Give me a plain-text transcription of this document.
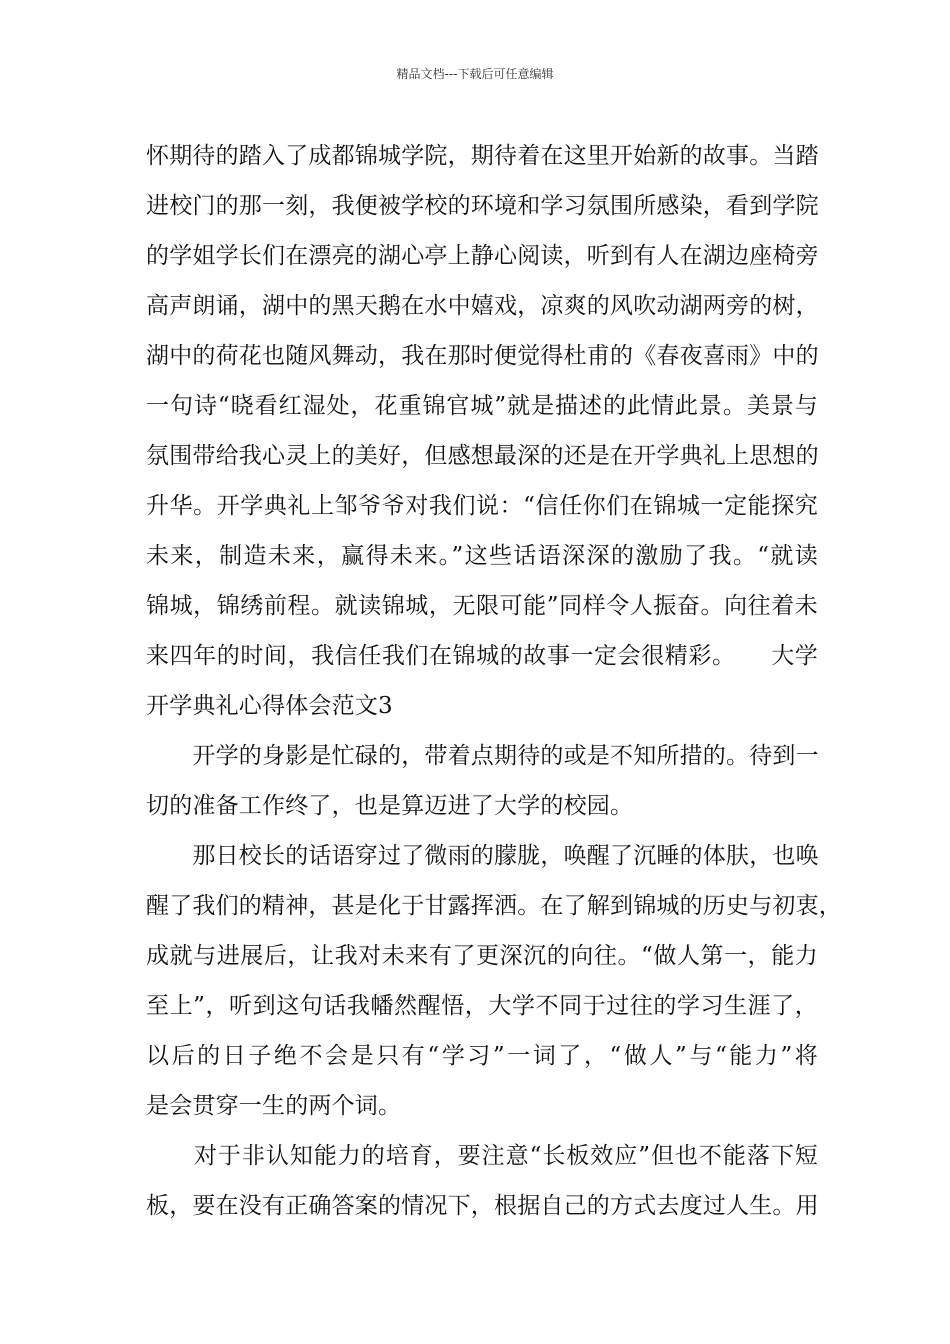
精品文档---下载后可任意编辑
怀期待的踏入了成都锦城学院，期待着在这里开始新的故事。当踏
进校门的那一刻，我便被学校的环境和学习氛围所感染，看到学院
的学姐学长们在漂亮的湖心亭上静心阅读，听到有人在湖边座椅旁
高声朗诵，湖中的黑天鹅在水中嬉戏，凉爽的风吹动湖两旁的树，
湖中的荷花也随风舞动，我在那时便觉得杜甫的《春夜喜雨》中的
一句诗“晓看红湿处，花重锦官城”就是描述的此情此景。美景与
氛围带给我心灵上的美好，但感想最深的还是在开学典礼上思想的
升华。开学典礼上邹爷爷对我们说：“信任你们在锦城一定能探究
未来，制造未来，赢得未来。”这些话语深深的激励了我。“就读
锦城，锦绣前程。就读锦城，无限可能”同样令人振奋。向往着未
来四年的时间，我信任我们在锦城的故事一定会很精彩。　　大学
开学典礼心得体会范文3
　　开学的身影是忙碌的，带着点期待的或是不知所措的。待到一
切的准备工作终了，也是算迈进了大学的校园。
　　那日校长的话语穿过了微雨的朦胧，唤醒了沉睡的体肤，也唤
醒了我们的精神，甚是化于甘露挥洒。在了解到锦城的历史与初衷，
成就与进展后，让我对未来有了更深沉的向往。“做人第一，能力
至上”，听到这句话我幡然醒悟，大学不同于过往的学习生涯了，
以后的日子绝不会是只有“学习”一词了，“做人”与“能力”将
是会贯穿一生的两个词。
　　对于非认知能力的培育，要注意“长板效应”但也不能落下短
板，要在没有正确答案的情况下，根据自己的方式去度过人生。用
